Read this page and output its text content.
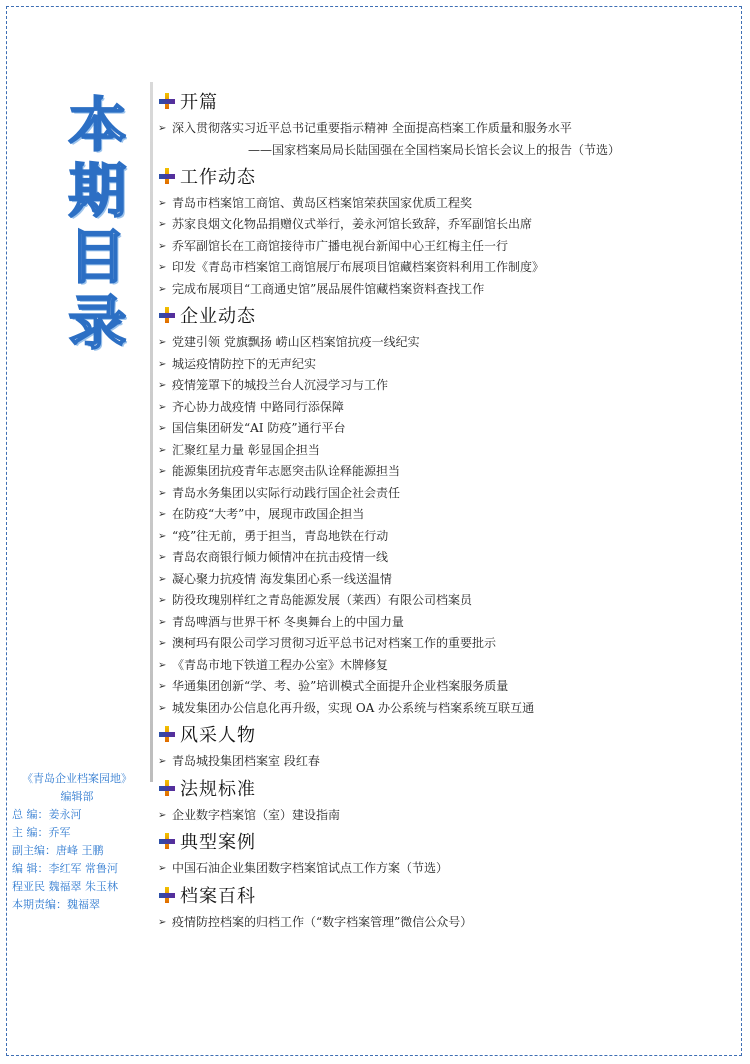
本
期
目
录
开篇
➢ 深入贯彻落实习近平总书记重要指示精神 全面提高档案工作质量和服务水平
——国家档案局局长陆国强在全国档案局长馆长会议上的报告（节选）
工作动态
➢ 青岛市档案馆工商馆、黄岛区档案馆荣获国家优质工程奖
➢ 苏家良烟文化物品捐赠仪式举行，姜永河馆长致辞，乔军副馆长出席
➢ 乔军副馆长在工商馆接待市广播电视台新闻中心王红梅主任一行
➢ 印发《青岛市档案馆工商馆展厅布展项目馆藏档案资料利用工作制度》
➢ 完成布展项目“工商通史馆”展品展件馆藏档案资料查找工作
企业动态
➢ 党建引领 党旗飘扬 崂山区档案馆抗疫一线纪实
➢ 城运疫情防控下的无声纪实
➢ 疫情笼罩下的城投兰台人沉浸学习与工作
➢ 齐心协力战疫情 中路同行添保障
➢ 国信集团研发“AI 防疫”通行平台
➢ 汇聚红星力量 彰显国企担当
➢ 能源集团抗疫青年志愿突击队诠释能源担当
➢ 青岛水务集团以实际行动践行国企社会责任
➢ 在防疫“大考”中，展现市政国企担当
➢ “疫”往无前，勇于担当，青岛地铁在行动
➢ 青岛农商银行倾力倾情冲在抗击疫情一线
➢ 凝心聚力抗疫情 海发集团心系一线送温情
➢ 防役玫瑰别样红之青岛能源发展（莱西）有限公司档案员
➢ 青岛啤酒与世界干杯 冬奥舞台上的中国力量
➢ 澳柯玛有限公司学习贯彻习近平总书记对档案工作的重要批示
➢ 《青岛市地下铁道工程办公室》木牌修复
➢ 华通集团创新“学、考、验”培训模式全面提升企业档案服务质量
➢ 城发集团办公信息化再升级，实现 OA 办公系统与档案系统互联互通
风采人物
➢ 青岛城投集团档案室 段红春
法规标准
➢ 企业数字档案馆（室）建设指南
典型案例
➢ 中国石油企业集团数字档案馆试点工作方案（节选）
档案百科
➢ 疫情防控档案的归档工作（“数字档案管理”微信公众号）
《青岛企业档案园地》
编辑部
总 编：姜永河
主 编：乔军
副主编：唐峰 王鹏
编 辑：李红军 常鲁河
程亚民 魏福翠 朱玉林
本期责编：魏福翠
